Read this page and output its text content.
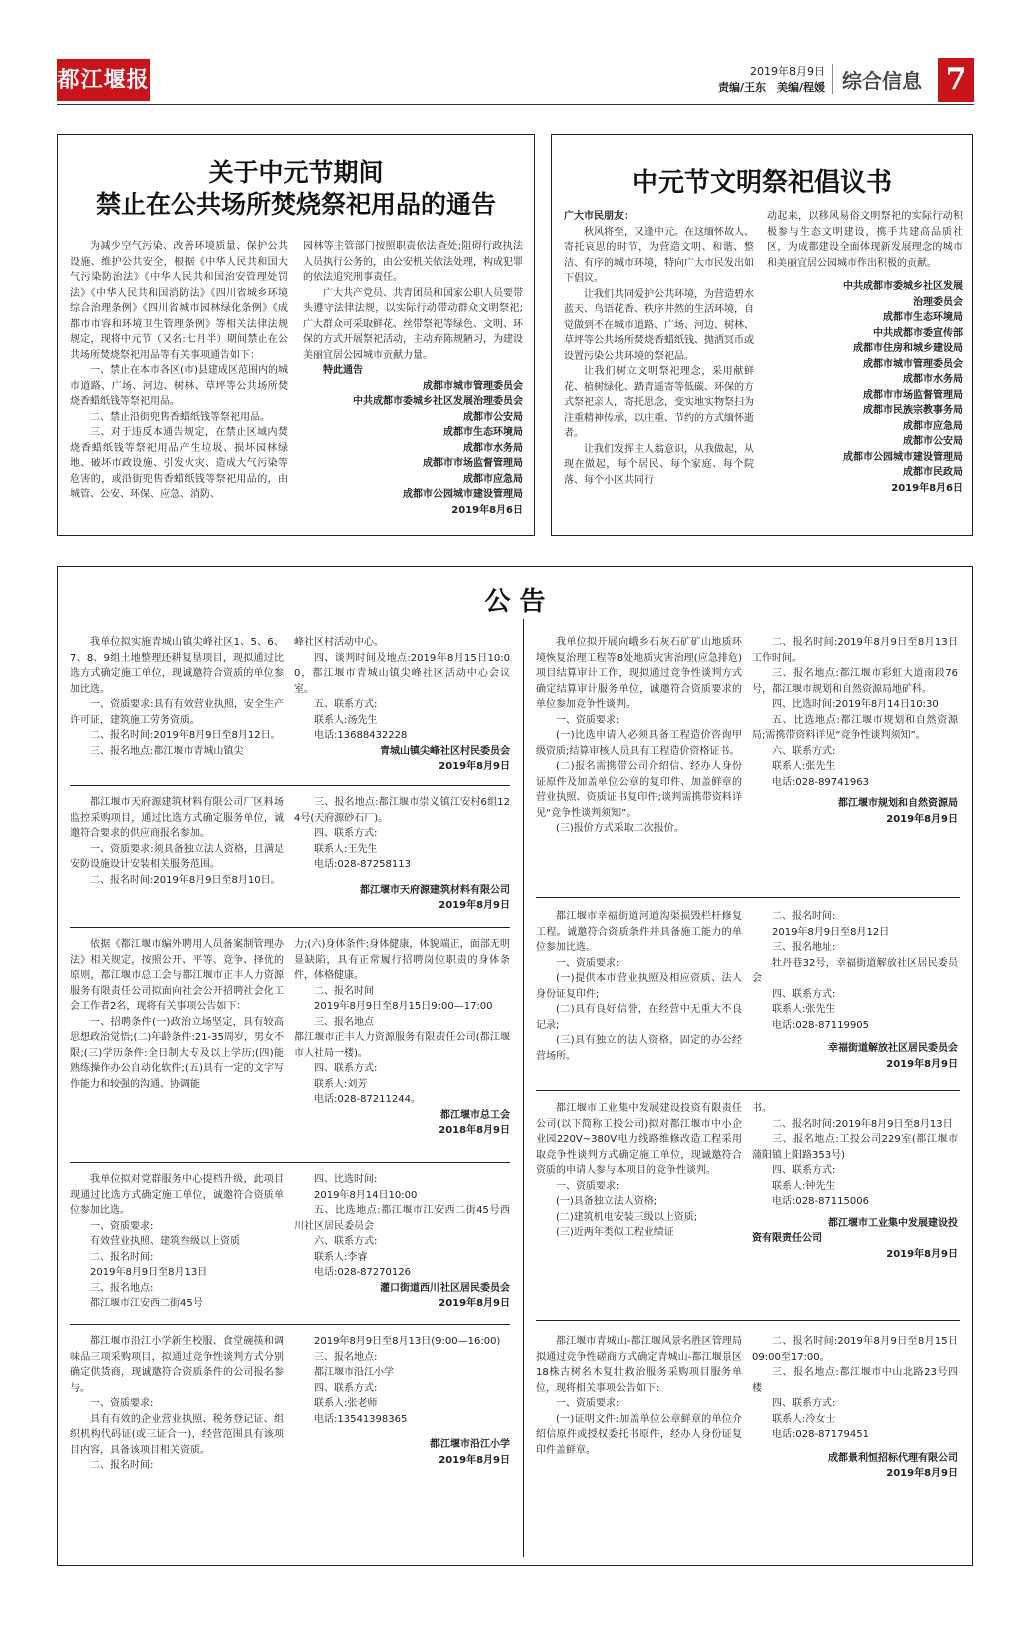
都江堰报	2019年8月9日
责编/王东　美编/程媛 综合信息 7
关于中元节期间
禁止在公共场所焚烧祭祀用品的通告

为减少空气污染、改善环境质量、保护公共设施、维护公共安全，根据《中华人民共和国大气污染防治法》《中华人民共和国治安管理处罚法》《中华人民共和国消防法》《四川省城乡环境综合治理条例》《四川省城市园林绿化条例》《成都市市容和环境卫生管理条例》等相关法律法规规定，现将中元节（又名:七月半）期间禁止在公共场所焚烧祭祀用品等有关事项通告如下：

一、禁止在本市各区(市)县建成区范围内的城市道路、广场、河边、树林、草坪等公共场所焚烧香蜡纸钱等祭祀用品。

二、禁止沿街兜售香蜡纸钱等祭祀用品。

三、对于违反本通告规定，在禁止区域内焚烧香蜡纸钱等祭祀用品产生垃圾、损坏园林绿地、破坏市政设施、引发火灾、造成大气污染等危害的，或沿街兜售香蜡纸钱等祭祀用品的，由城管、公安、环保、应急、消防、

园林等主管部门按照职责依法查处;阻碍行政执法人员执行公务的，由公安机关依法处理，构成犯罪的依法追究刑事责任。

广大共产党员、共青团员和国家公职人员要带头遵守法律法规，以实际行动带动群众文明祭祀;广大群众可采取鲜花、丝带祭祀等绿色、文明、环保的方式开展祭祀活动，主动弃陈规陋习，为建设美丽宜居公园城市贡献力量。

特此通告

成都市城市管理委员会
中共成都市委城乡社区发展治理委员会
成都市公安局
成都市生态环境局
成都市水务局
成都市市场监督管理局
成都市应急局
成都市公园城市建设管理局
2019年8月6日
中元节文明祭祀倡议书

广大市民朋友：

秋风将至，又逢中元。在这缅怀故人、寄托哀思的时节，为营造文明、和谐、整洁、有序的城市环境，特向广大市民发出如下倡议。

让我们共同爱护公共环境，为营造碧水蓝天、鸟语花香、秩序井然的生活环境，自觉做到不在城市道路、广场、河边、树林、草坪等公共场所焚烧香蜡纸钱、抛洒冥币或设置污染公共环境的祭祀品。

让我们树立文明祭祀理念，采用献鲜花、植树绿化、踏青遥寄等低碳、环保的方式祭祀亲人，寄托思念，变实地实物祭扫为注重精神传承，以庄重、节约的方式缅怀逝者。

让我们发挥主人翁意识，从我做起，从现在做起，每个居民、每个家庭、每个院落、每个小区共同行

动起来，以移风易俗文明祭祀的实际行动积极参与生态文明建设，携手共建高品质社区，为成都建设全面体现新发展理念的城市和美丽宜居公园城市作出积极的贡献。

中共成都市委城乡社区发展
治理委员会
成都市生态环境局
中共成都市委宣传部
成都市住房和城乡建设局
成都市城市管理委员会
成都市水务局
成都市市场监督管理局
成都市民族宗教事务局
成都市应急局
成都市公安局
成都市公园城市建设管理局
成都市民政局
2019年8月6日
公 告

我单位拟实施青城山镇尖峰社区1、5、6、7、8、9组土地整理还耕复垦项目，现拟通过比选方式确定施工单位，现诚邀符合资质的单位参加比选。

一、资质要求:具有有效营业执照，安全生产许可证，建筑施工劳务资质。

二、报名时间:2019年8月9日至8月12日。

三、报名地点:都江堰市青城山镇尖

峰社区村活动中心。

四、谈判时间及地点:2019年8月15日10:00，都江堰市青城山镇尖峰社区活动中心会议室。

五、联系方式:

联系人:汤先生

电话:13688432228

青城山镇尖峰社区村民委员会
2019年8月9日

都江堰市天府源建筑材料有限公司厂区料场监控采购项目，通过比选方式确定服务单位，诚邀符合要求的供应商报名参加。

一、资质要求:须具备独立法人资格，且满足安防设施设计安装相关服务范围。

二、报名时间:2019年8月9日至8月10日。

三、报名地点:都江堰市崇义镇江安村6组124号(天府源砂石厂)。

四、联系方式:

联系人:王先生

电话:028-87258113

都江堰市天府源建筑材料有限公司
2019年8月9日

依据《都江堰市编外聘用人员备案制管理办法》相关规定，按照公开、平等、竞争、择优的原则，都江堰市总工会与都江堰市正丰人力资源服务有限责任公司拟面向社会公开招聘社会化工会工作者2名，现将有关事项公告如下：

一、招聘条件(一)政治立场坚定，具有较高思想政治觉悟;(二)年龄条件:21-35周岁，男女不限;(三)学历条件:全日制大专及以上学历;(四)能熟练操作办公自动化软件;(五)具有一定的文字写作能力和较强的沟通、协调能

力;(六)身体条件:身体健康，体貌端正，面部无明显缺陷，具有正常履行招聘岗位职责的身体条件，体格健康。

二、报名时间

2019年8月9日至8月15日9:00—17:00

三、报名地点

都江堰市正丰人力资源服务有限责任公司(都江堰市人社局一楼)。

四、联系方式:

联系人:刘芳

电话:028-87211244。

都江堰市总工会
2018年8月9日

我单位拟对党群服务中心提档升级，此项目现通过比选方式确定施工单位，诚邀符合资质单位参加比选。

一、资质要求:

有效营业执照、建筑叁级以上资质

二、报名时间:

2019年8月9日至8月13日

三、报名地点:

都江堰市江安西二街45号

四、比选时间:

2019年8月14日10:00

五、比选地点:都江堰市江安西二街45号西川社区居民委员会

六、联系方式:

联系人:李睿

电话:028-87270126

灌口街道西川社区居民委员会
2019年8月9日

都江堰市沿江小学新生校服、食堂碗筷和调味品三项采购项目，拟通过竞争性谈判方式分别确定供货商，现诚邀符合资质条件的公司报名参与。

一、资质要求:

具有有效的企业营业执照、税务登记证、组织机构代码证(或三证合一)，经营范围具有该项目内容，具备该项目相关资质。

二、报名时间:

2019年8月9日至8月13日(9:00—16:00)

三、报名地点:

都江堰市沿江小学

四、联系方式:

联系人:张老师

电话:13541398365

都江堰市沿江小学
2019年8月9日

我单位拟开展向峨乡石灰石矿矿山地质环境恢复治理工程等8处地质灾害治理(应急排危)项目结算审计工作，现拟通过竞争性谈判方式确定结算审计服务单位，诚邀符合资质要求的单位参加竞争性谈判。

一、资质要求:

(一)比选申请人必须具备工程造价咨询甲级资质;结算审核人员具有工程造价资格证书。

(二)报名需携带公司介绍信、经办人身份证原件及加盖单位公章的复印件、加盖鲜章的营业执照、资质证书复印件;谈判需携带资料详见“竞争性谈判须知”。

(三)报价方式采取二次报价。

二、报名时间:2019年8月9日至8月13日工作时间。

三、报名地点:都江堰市彩虹大道南段76号，都江堰市规划和自然资源局地矿科。

四、比选时间:2019年8月14日10:30

五、比选地点:都江堰市规划和自然资源局;需携带资料详见“竞争性谈判须知”。

六、联系方式:

联系人:张先生

电话:028-89741963

都江堰市规划和自然资源局
2019年8月9日

都江堰市幸福街道河道沟渠损毁栏杆修复工程。诚邀符合资质条件并具备施工能力的单位参加比选。

一、资质要求:

(一)提供本市营业执照及相应资质、法人身份证复印件;

(二)具有良好信誉，在经营中无重大不良记录;

(三)具有独立的法人资格，固定的办公经营场所。

二、报名时间:

2019年8月9日至8月12日

三、报名地址:

牡丹巷32号，幸福街道解放社区居民委员会

四、联系方式:

联系人:张先生

电话:028-87119905

幸福街道解放社区居民委员会
2019年8月9日

都江堰市工业集中发展建设投资有限责任公司(以下简称工投公司)拟对都江堰市中小企业园220V~380V电力线路维修改造工程采用取竞争性谈判方式确定施工单位，现诚邀符合资质的申请人参与本项目的竞争性谈判。

一、资质要求:

(一)具备独立法人资格;

(二)建筑机电安装三级以上资质;

(三)近两年类似工程业绩证

书。

二、报名时间:2019年8月9日至8月13日

三、报名地点:工投公司229室(都江堰市蒲阳镇上阳路353号)

四、联系方式:

联系人:钟先生

电话:028-87115006

都江堰市工业集中发展建设投
资有限责任公司
2019年8月9日

都江堰市青城山-都江堰风景名胜区管理局拟通过竞争性磋商方式确定青城山-都江堰景区18株古树名木复壮救治服务采购项目服务单位，现将相关事项公告如下:

一、资质要求:

(一)证明文件:加盖单位公章鲜章的单位介绍信原件或授权委托书原件，经办人身份证复印件盖鲜章。

二、报名时间:2019年8月9日至8月15日09:00至17:00。

三、报名地点:都江堰市中山北路23号四楼

四、联系方式:

联系人:冷女士

电话:028-87179451

成都景利恒招标代理有限公司
2019年8月9日
